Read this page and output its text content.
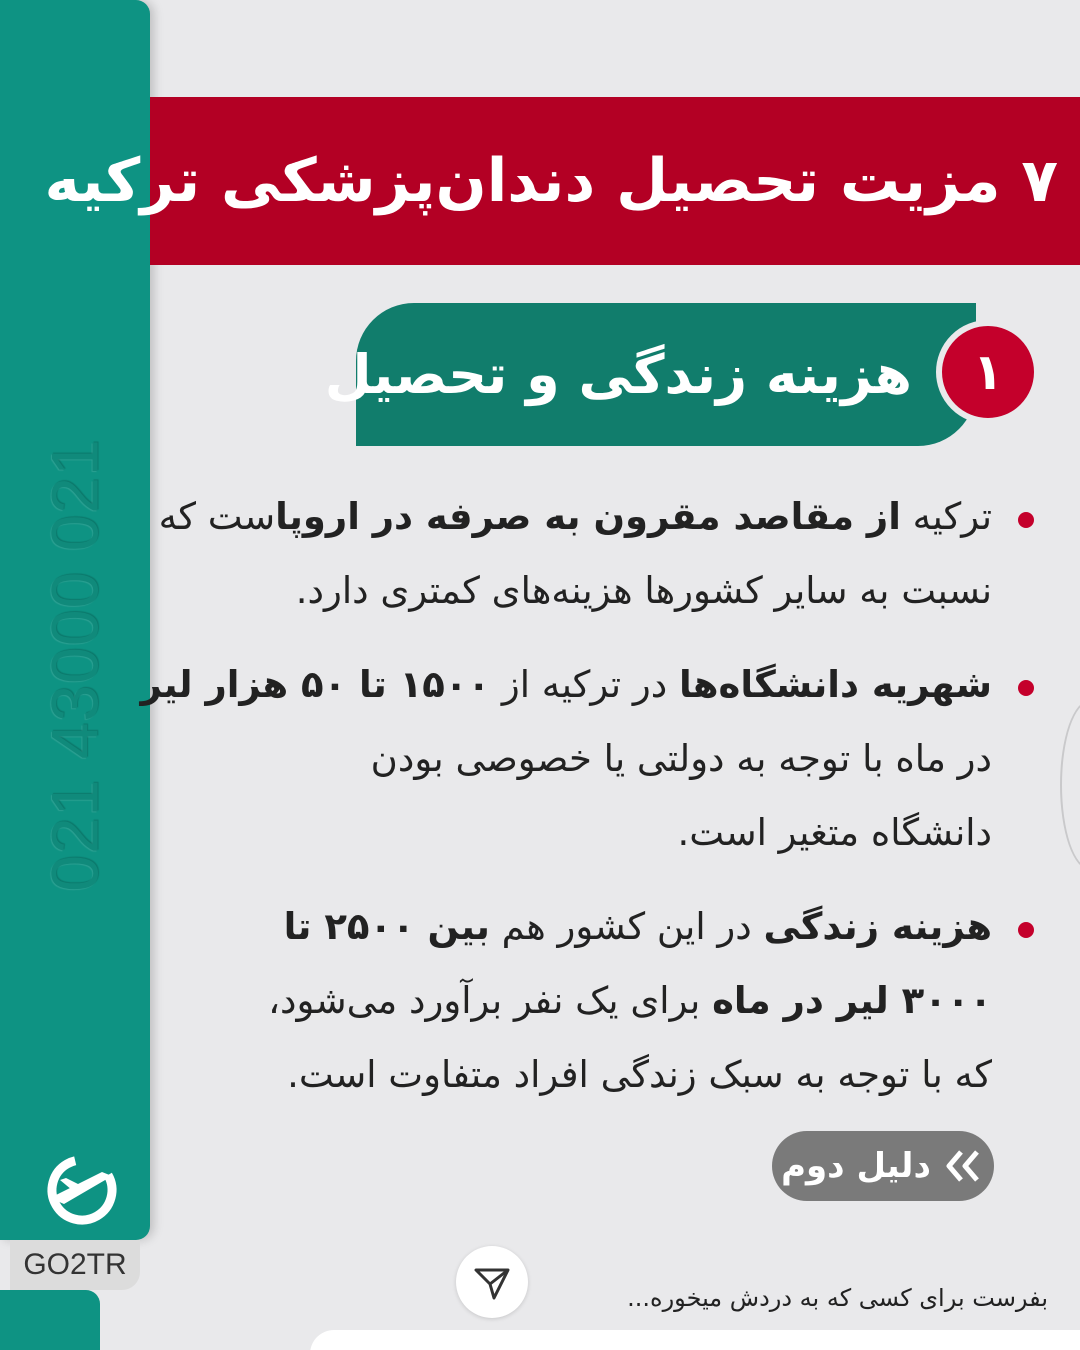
021 43000 021
GO2TR
۷ مزیت تحصیل دندان‌پزشکی ترکیه
هزینه زندگی و تحصیل	۱
ترکیه از مقاصد مقرون به صرفه در اروپاست که
نسبت به سایر کشورها هزینه‌های کمتری دارد.
شهریه دانشگاه‌ها در ترکیه از ۱۵۰۰ تا ۵۰ هزار لیر
در ماه با توجه به دولتی یا خصوصی بودن
دانشگاه متغیر است.
هزینه زندگی در این کشور هم بین ۲۵۰۰ تا
۳۰۰۰ لیر در ماه برای یک نفر برآورد می‌شود،
که با توجه به سبک زندگی افراد متفاوت است.
دلیل دوم
بفرست برای کسی که به دردش میخوره...
